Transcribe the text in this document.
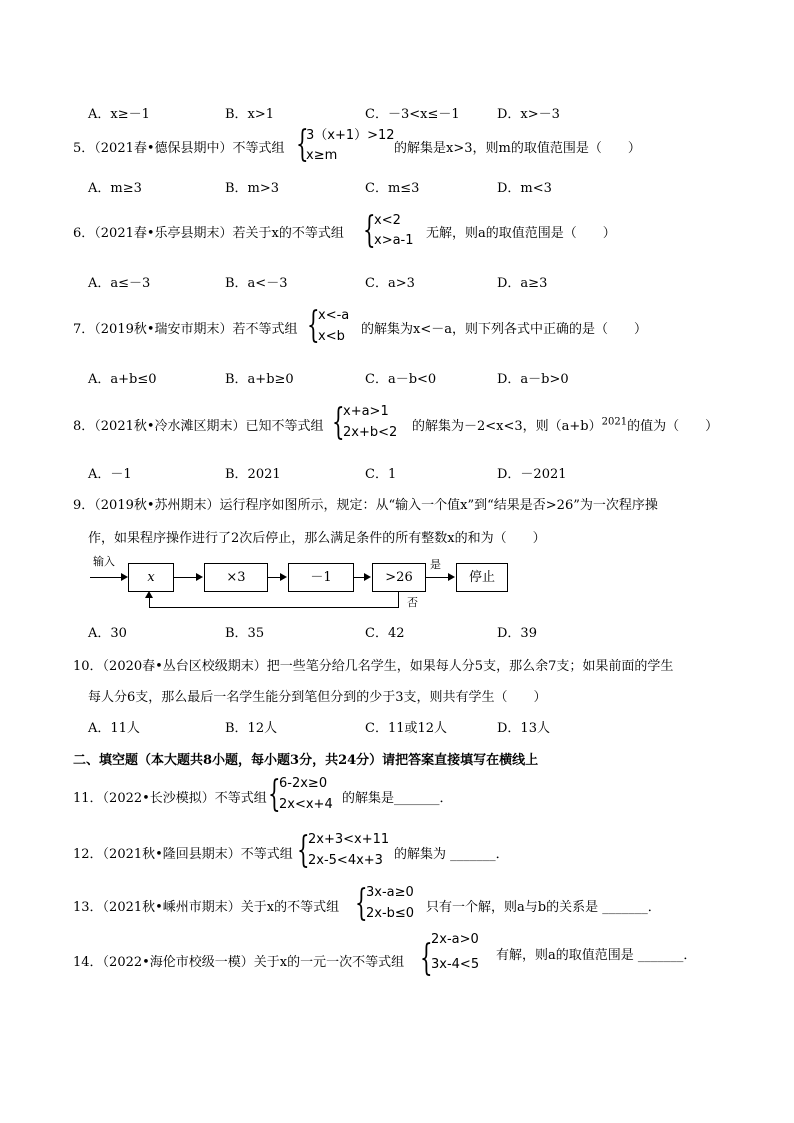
A．x≥－1	B．x>1	C．－3<x≤－1	D．x>－3
5．（2021春•德保县期中）不等式组 {
3（x+1）>12
x≥m	的解集是x>3，则m的取值范围是（　　）
A．m≥3	B．m>3	C．m≤3	D．m<3
6．（2021春•乐亭县期末）若关于x的不等式组 {
x<2
x>a-1 无解，则a的取值范围是（　　）
A．a≤－3	B．a<－3	C．a>3	D．a≥3
7．（2019秋•瑞安市期末）若不等式组 {
x<-a
x<b 的解集为x<－a，则下列各式中正确的是（　　）
A．a+b≤0	B．a+b≥0	C．a－b<0	D．a－b>0
8．（2021秋•冷水滩区期末）已知不等式组 {
x+a>1
2x+b<2 的解集为－2<x<3，则$(a+b)^{2021}$的值为（　　）
A．－1	B．2021	C．1	D．－2021
9．（2019秋•苏州期末）运行程序如图所示，规定：从“输入一个值x”到“结果是否>26”为一次程序操
作，如果程序操作进行了2次后停止，那么满足条件的所有整数x的和为（　　）
输入
x	×3	－1	>26
是
停止
否
A．30	B．35	C．42	D．39
10．（2020春•丛台区校级期末）把一些笔分给几名学生，如果每人分5支，那么余7支；如果前面的学生
每人分6支，那么最后一名学生能分到笔但分到的少于3支，则共有学生（　　）
A．11人	B．12人	C．11或12人	D．13人
二、填空题（本大题共8小题，每小题3分，共24分）请把答案直接填写在横线上
11．（2022•长沙模拟）不等式组 {
6-2x≥0
2x<x+4 的解集是_______．
12．（2021秋•隆回县期末）不等式组 {
2x+3<x+11
2x-5<4x+3 的解集为 _______．
13．（2021秋•嵊州市期末）关于x的不等式组 {
3x-a≥0
2x-b≤0 只有一个解，则a与b的关系是 _______．
14．（2022•海伦市校级一模）关于x的一元一次不等式组 {
2x-a>0
3x-4<5
有解，则a的取值范围是 _______．
